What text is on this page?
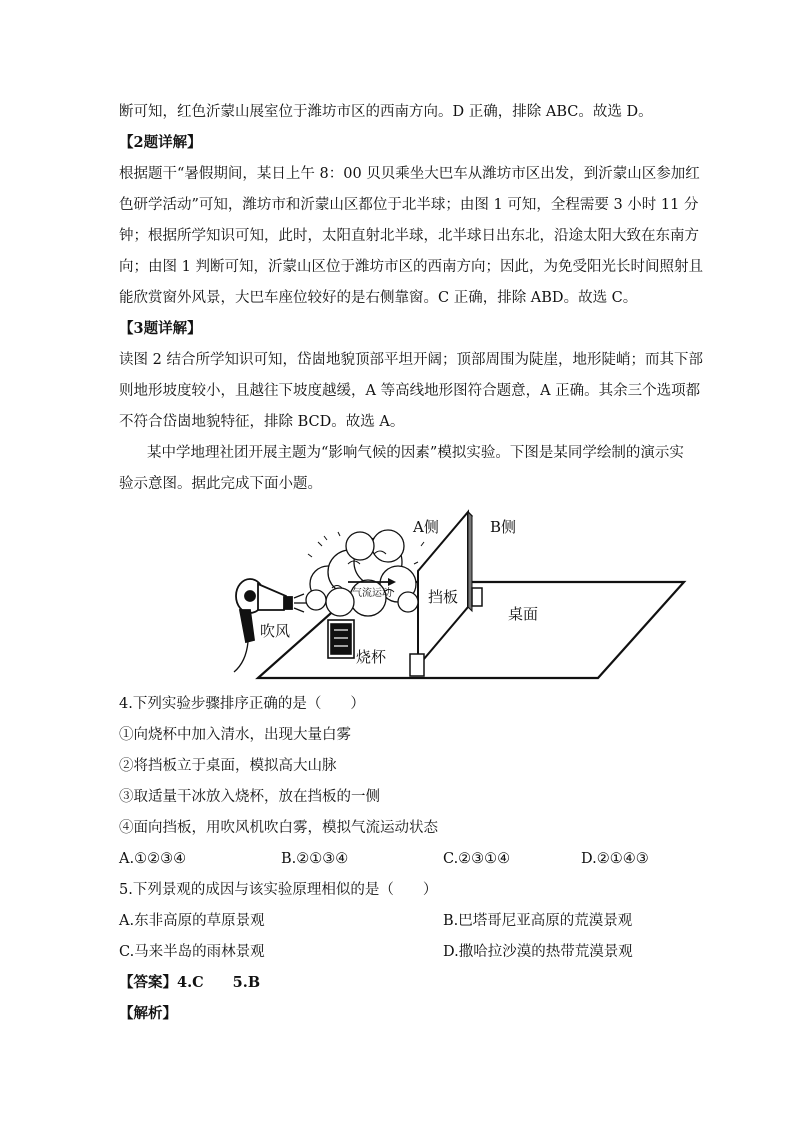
断可知，红色沂蒙山展室位于潍坊市区的西南方向。D 正确，排除 ABC。故选 D。
【2题详解】
根据题干“暑假期间，某日上午 8：00 贝贝乘坐大巴车从潍坊市区出发，到沂蒙山区参加红
色研学活动”可知，潍坊市和沂蒙山区都位于北半球；由图 1 可知，全程需要 3 小时 11 分
钟；根据所学知识可知，此时，太阳直射北半球，北半球日出东北，沿途太阳大致在东南方
向；由图 1 判断可知，沂蒙山区位于潍坊市区的西南方向；因此，为免受阳光长时间照射且
能欣赏窗外风景，大巴车座位较好的是右侧靠窗。C 正确，排除 ABD。故选 C。
【3题详解】
读图 2 结合所学知识可知，岱崮地貌顶部平坦开阔；顶部周围为陡崖，地形陡峭；而其下部
则地形坡度较小，且越往下坡度越缓，A 等高线地形图符合题意，A 正确。其余三个选项都
不符合岱崮地貌特征，排除 BCD。故选 A。
某中学地理社团开展主题为“影响气候的因素”模拟实验。下图是某同学绘制的演示实
验示意图。据此完成下面小题。
A侧	B侧
气流运动 挡板
桌面
吹风
烧杯
4.下列实验步骤排序正确的是（　　）
①向烧杯中加入清水，出现大量白雾
②将挡板立于桌面，模拟高大山脉
③取适量干冰放入烧杯，放在挡板的一侧
④面向挡板，用吹风机吹白雾，模拟气流运动状态
A.①②③④	B.②①③④	C.②③①④	D.②①④③
5.下列景观的成因与该实验原理相似的是（　　）
A.东非高原的草原景观	B.巴塔哥尼亚高原的荒漠景观
C.马来半岛的雨林景观	D.撒哈拉沙漠的热带荒漠景观
【答案】4.C　　5.B
【解析】
